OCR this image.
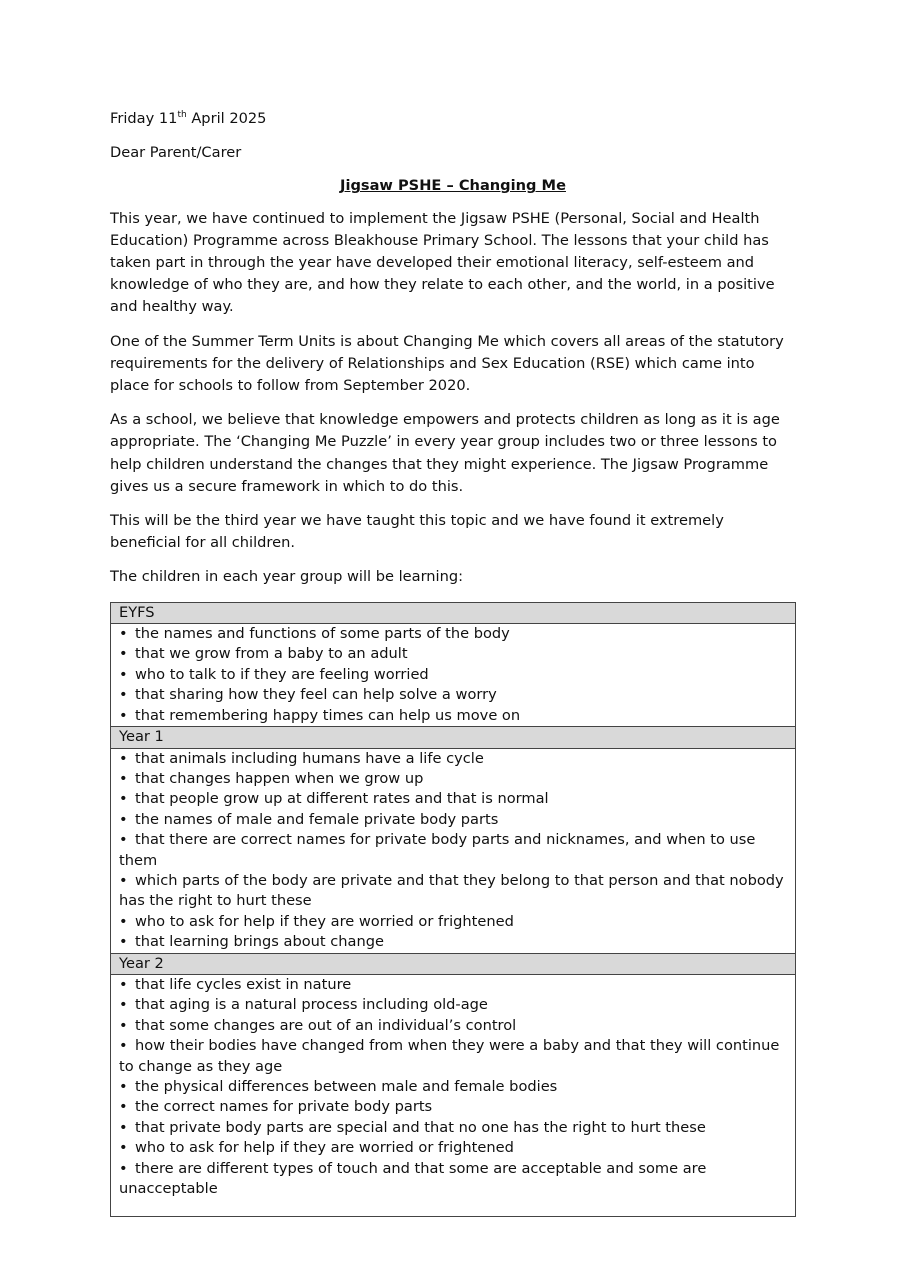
Friday 11th April 2025

Dear Parent/Carer

Jigsaw PSHE – Changing Me

This year, we have continued to implement the Jigsaw PSHE (Personal, Social and Health Education) Programme across Bleakhouse Primary School. The lessons that your child has taken part in through the year have developed their emotional literacy, self-esteem and knowledge of who they are, and how they relate to each other, and the world, in a positive and healthy way.

One of the Summer Term Units is about Changing Me which covers all areas of the statutory requirements for the delivery of Relationships and Sex Education (RSE) which came into place for schools to follow from September 2020.

As a school, we believe that knowledge empowers and protects children as long as it is age appropriate. The ‘Changing Me Puzzle’ in every year group includes two or three lessons to help children understand the changes that they might experience. The Jigsaw Programme gives us a secure framework in which to do this.

This will be the third year we have taught this topic and we have found it extremely beneficial for all children.

The children in each year group will be learning:

EYFS

• the names and functions of some parts of the body
• that we grow from a baby to an adult
• who to talk to if they are feeling worried
• that sharing how they feel can help solve a worry
• that remembering happy times can help us move on

Year 1

• that animals including humans have a life cycle
• that changes happen when we grow up
• that people grow up at different rates and that is normal
• the names of male and female private body parts
• that there are correct names for private body parts and nicknames, and when to use them
• which parts of the body are private and that they belong to that person and that nobody has the right to hurt these
• who to ask for help if they are worried or frightened
• that learning brings about change

Year 2

• that life cycles exist in nature
• that aging is a natural process including old-age
• that some changes are out of an individual’s control
• how their bodies have changed from when they were a baby and that they will continue to change as they age
• the physical differences between male and female bodies
• the correct names for private body parts
• that private body parts are special and that no one has the right to hurt these
• who to ask for help if they are worried or frightened
• there are different types of touch and that some are acceptable and some are unacceptable
